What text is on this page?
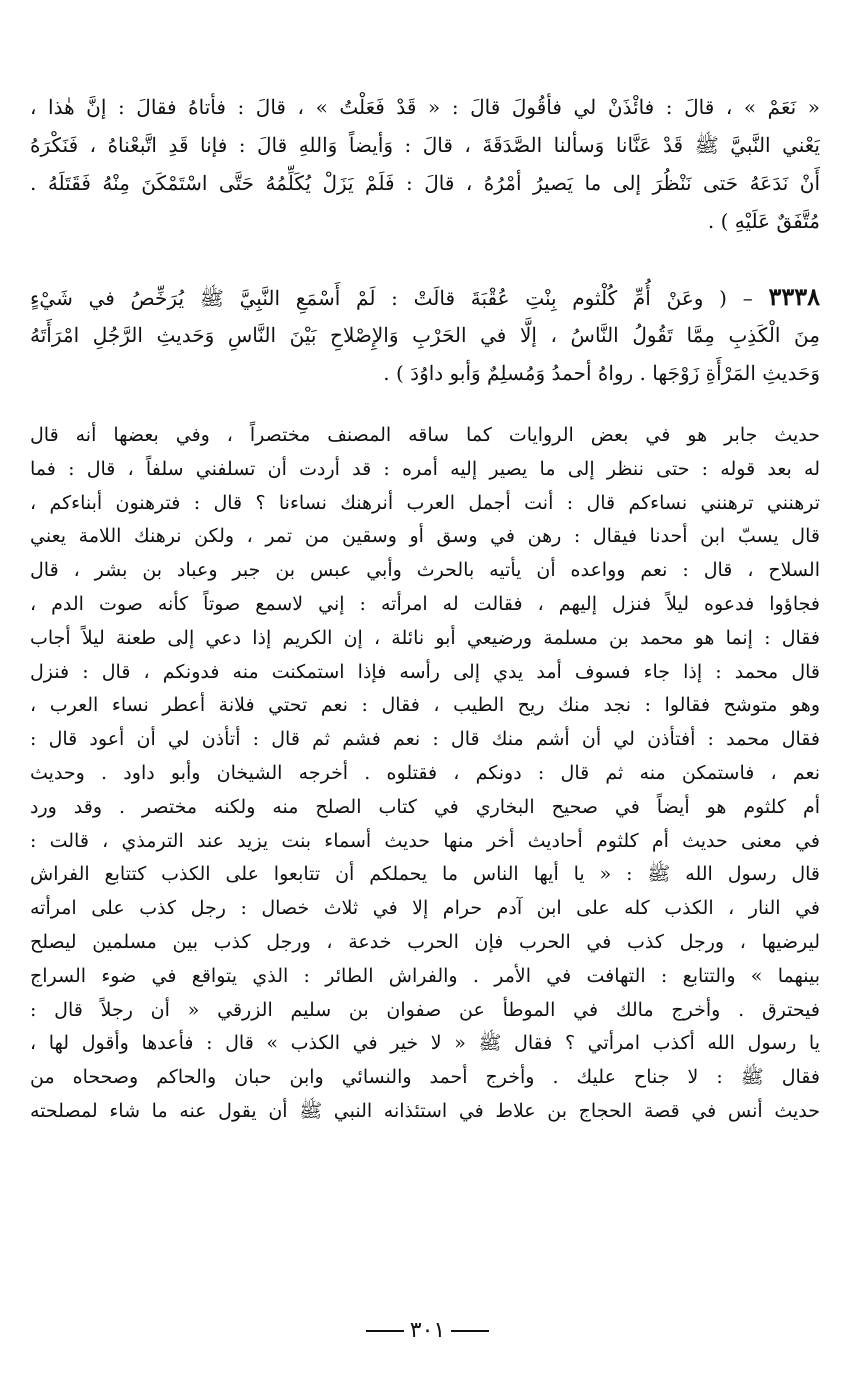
« نَعَمْ » ، قالَ : فائْذَنْ لي فأقُولَ قالَ : « قَدْ فَعَلْتُ » ، قالَ : فأتاهُ فقالَ : إنَّ هٰذا ،
يَعْني النَّبيَّ ﷺ قَدْ عَنَّانا وَسألنا الصَّدَقَةَ ، قالَ : وَأيضاً وَاللهِ قالَ : فإنا قَدِ اتَّبعْناهُ ، فَنَكْرَهُ
أَنْ نَدَعَهُ حَتى نَنْظُرَ إلى ما يَصيرُ أمْرُهُ ، قالَ : فَلَمْ يَزَلْ يُكَلِّمُهُ حَتَّى اسْتَمْكَنَ مِنْهُ فَقَتَلَهُ .
مُتَّفَقٌ عَلَيْهِ ) .
٣٣٣٨ – ( وعَنْ أُمِّ كُلْثوم بِنْتِ عُقْبَةَ قالَتْ : لَمْ أَسْمَعِ النَّبِيَّ ﷺ يُرَخِّصُ في شَيْءٍ
مِنَ الْكَذِبِ مِمَّا تَقُولُ النَّاسُ ، إلَّا في الحَرْبِ وَالإِصْلاحِ بَيْنَ النَّاسِ وَحَديثِ الرَّجُلِ امْرَأَتَهُ
وَحَديثِ المَرْأَةِ زَوْجَها . رواهُ أحمدُ وَمُسلِمٌ وَأبو داوُدَ ) .
حديث جابر هو في بعض الروايات كما ساقه المصنف مختصراً ، وفي بعضها أنه قال
له بعد قوله : حتى ننظر إلى ما يصير إليه أمره : قد أردت أن تسلفني سلفاً ، قال : فما
ترهنني ترهنني نساءكم قال : أنت أجمل العرب أنرهنك نساءنا ؟ قال : فترهنون أبناءكم ،
قال يسبّ ابن أحدنا فيقال : رهن في وسق أو وسقين من تمر ، ولكن نرهنك اللامة يعني
السلاح ، قال : نعم وواعده أن يأتيه بالحرث وأبي عبس بن جبر وعباد بن بشر ، قال
فجاؤوا فدعوه ليلاً فنزل إليهم ، فقالت له امرأته : إني لاسمع صوتاً كأنه صوت الدم ،
فقال : إنما هو محمد بن مسلمة ورضيعي أبو نائلة ، إن الكريم إذا دعي إلى طعنة ليلاً أجاب
قال محمد : إذا جاء فسوف أمد يدي إلى رأسه فإذا استمكنت منه فدونكم ، قال : فنزل
وهو متوشح فقالوا : نجد منك ريح الطيب ، فقال : نعم تحتي فلانة أعطر نساء العرب ،
فقال محمد : أفتأذن لي أن أشم منك قال : نعم فشم ثم قال : أتأذن لي أن أعود قال :
نعم ، فاستمكن منه ثم قال : دونكم ، فقتلوه . أخرجه الشيخان وأبو داود . وحديث
أم كلثوم هو أيضاً في صحيح البخاري في كتاب الصلح منه ولكنه مختصر . وقد ورد
في معنى حديث أم كلثوم أحاديث أخر منها حديث أسماء بنت يزيد عند الترمذي ، قالت :
قال رسول الله ﷺ : « يا أيها الناس ما يحملكم أن تتابعوا على الكذب كتتابع الفراش
في النار ، الكذب كله على ابن آدم حرام إلا في ثلاث خصال : رجل كذب على امرأته
ليرضيها ، ورجل كذب في الحرب فإن الحرب خدعة ، ورجل كذب بين مسلمين ليصلح
بينهما » والتتابع : التهافت في الأمر . والفراش الطائر : الذي يتواقع في ضوء السراج
فيحترق . وأخرج مالك في الموطأ عن صفوان بن سليم الزرقي « أن رجلاً قال :
يا رسول الله أكذب امرأتي ؟ فقال ﷺ « لا خير في الكذب » قال : فأعدها وأقول لها ،
فقال ﷺ : لا جناح عليك . وأخرج أحمد والنسائي وابن حبان والحاكم وصححاه من
حديث أنس في قصة الحجاج بن علاط في استئذانه النبي ﷺ أن يقول عنه ما شاء لمصلحته
٣٠١
